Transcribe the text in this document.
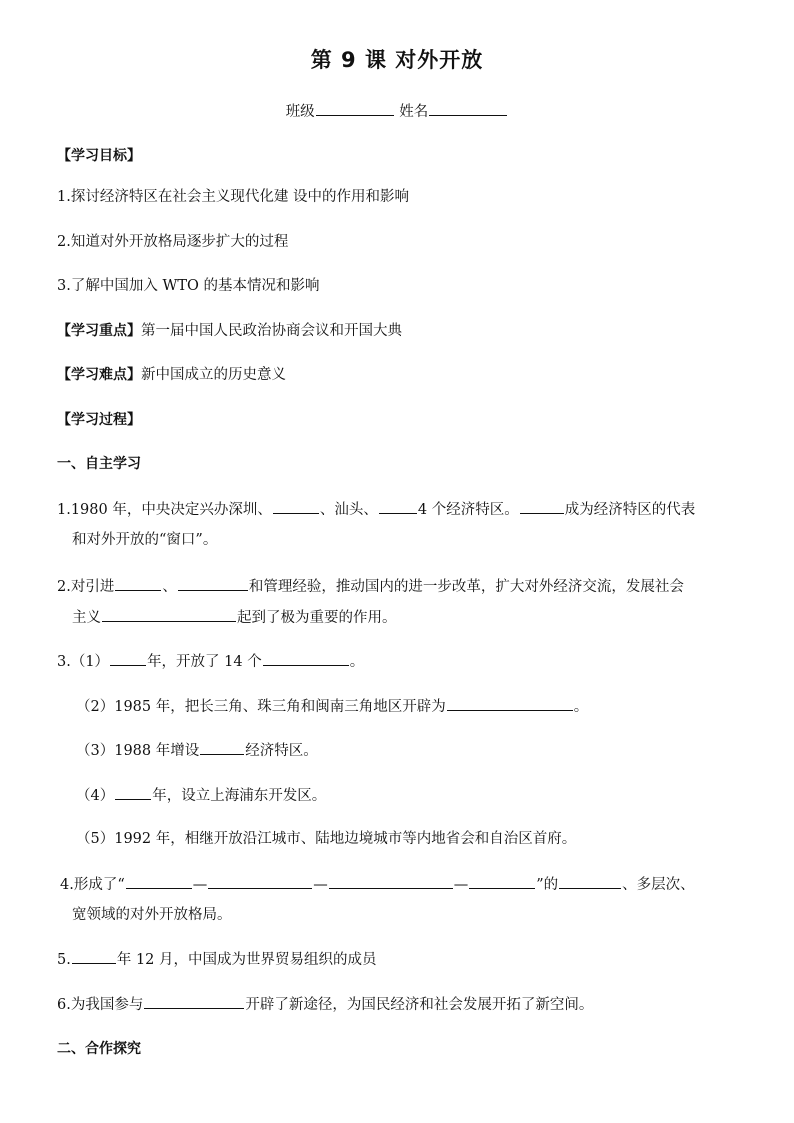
第 9 课 对外开放
班级	姓名
【学习目标】
1.探讨经济特区在社会主义现代化建 设中的作用和影响
2.知道对外开放格局逐步扩大的过程
3.了解中国加入 WTO 的基本情况和影响
【学习重点】第一届中国人民政治协商会议和开国大典
【学习难点】新中国成立的历史意义
【学习过程】
一、自主学习
1.1980 年，中央决定兴办深圳、	、汕头、	4 个经济特区。	成为经济特区的代表
和对外开放的“窗口”。
2.对引进	、	和管理经验，推动国内的进一步改革，扩大对外经济交流，发展社会
主义	起到了极为重要的作用。
3.（1）	年，开放了 14 个	。
（2）1985 年，把长三角、珠三角和闽南三角地区开辟为	。
（3）1988 年增设	经济特区。
（4）	年，设立上海浦东开发区。
（5）1992 年，相继开放沿江城市、陆地边境城市等内地省会和自治区首府。
4.形成了“	—	—	—	”的	、多层次、
宽领域的对外开放格局。
5.	年 12 月，中国成为世界贸易组织的成员
6.为我国参与	开辟了新途径，为国民经济和社会发展开拓了新空间。
二、合作探究
